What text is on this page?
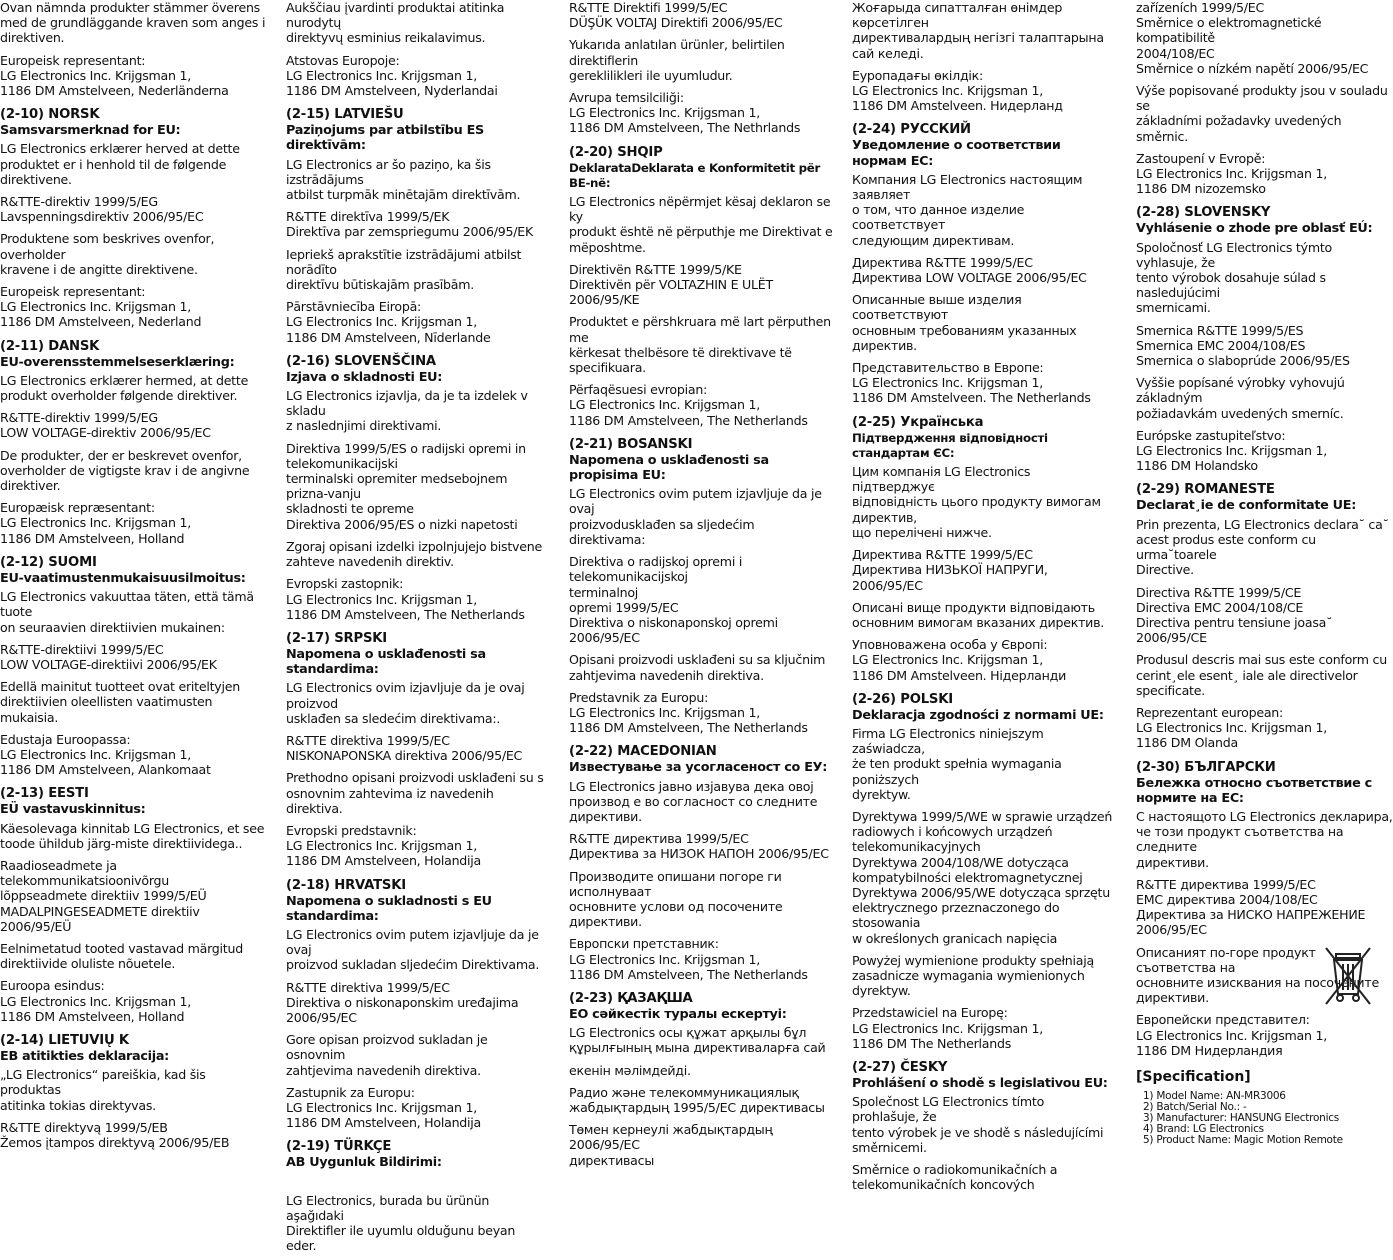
Ovan nämnda produkter stämmer överens
med de grundläggande kraven som anges i
direktiven.

Europeisk representant:
LG Electronics Inc. Krijgsman 1,
1186 DM Amstelveen, Nederländerna

(2-10) NORSK
Samsvarsmerknad for EU:

LG Electronics erklærer herved at dette
produktet er i henhold til de følgende direktivene.

R&TTE-direktiv 1999/5/EG
Lavspenningsdirektiv 2006/95/EC

Produktene som beskrives ovenfor, overholder
kravene i de angitte direktivene.

Europeisk representant:
LG Electronics Inc. Krijgsman 1,
1186 DM Amstelveen, Nederland

(2-11) DANSK
EU-overensstemmelseserklæring:

LG Electronics erklærer hermed, at dette
produkt overholder følgende direktiver.

R&TTE-direktiv 1999/5/EG
LOW VOLTAGE-direktiv 2006/95/EC

De produkter, der er beskrevet ovenfor,
overholder de vigtigste krav i de angivne direktiver.

Europæisk repræsentant:
LG Electronics Inc. Krijgsman 1,
1186 DM Amstelveen, Holland

(2-12) SUOMI
EU-vaatimustenmukaisuusilmoitus:

LG Electronics vakuuttaa täten, että tämä tuote
on seuraavien direktiivien mukainen:

R&TTE-direktiivi 1999/5/EC
LOW VOLTAGE-direktiivi 2006/95/EK

Edellä mainitut tuotteet ovat eriteltyjen
direktiivien oleellisten vaatimusten mukaisia.

Edustaja Euroopassa:
LG Electronics Inc. Krijgsman 1,
1186 DM Amstelveen, Alankomaat

(2-13) EESTI
EÜ vastavuskinnitus:

Käesolevaga kinnitab LG Electronics, et see
toode ühildub järg-miste direktiividega..

Raadioseadmete ja telekommunikatsioonivõrgu
lõppseadmete direktiiv 1999/5/EÜ
MADALPINGESEADMETE direktiiv 2006/95/EÜ

Eelnimetatud tooted vastavad märgitud
direktiivide oluliste nõuetele.

Euroopa esindus:
LG Electronics Inc. Krijgsman 1,
1186 DM Amstelveen, Holland

(2-14) LIETUVIŲ K
EB atitikties deklaracija:

„LG Electronics“ pareiškia, kad šis produktas
atitinka tokias direktyvas.

R&TTE direktyvą 1999/5/EB
Žemos įtampos direktyvą 2006/95/EB

Aukščiau įvardinti produktai atitinka nurodytų
direktyvų esminius reikalavimus.

Atstovas Europoje:
LG Electronics Inc. Krijgsman 1,
1186 DM Amstelveen, Nyderlandai

(2-15) LATVIEŠU
Paziņojums par atbilstību ES direktīvām:

LG Electronics ar šo paziņo, ka šis izstrādājums
atbilst turpmāk minētajām direktīvām.

R&TTE direktīva 1999/5/EK
Direktīva par zemspriegumu 2006/95/EK

Iepriekš aprakstītie izstrādājumi atbilst norādīto
direktīvu būtiskajām prasībām.

Pārstāvniecība Eiropā:
LG Electronics Inc. Krijgsman 1,
1186 DM Amstelveen, Nīderlande

(2-16) SLOVENŠČINA
Izjava o skladnosti EU:

LG Electronics izjavlja, da je ta izdelek v skladu
z naslednjimi direktivami.

Direktiva 1999/5/ES o radijski opremi in
telekomunikacijski
terminalski opremiter medsebojnem prizna-vanju
skladnosti te opreme
Direktiva 2006/95/ES o nizki napetosti

Zgoraj opisani izdelki izpolnjujejo bistvene
zahteve navedenih direktiv.

Evropski zastopnik:
LG Electronics Inc. Krijgsman 1,
1186 DM Amstelveen, The Netherlands

(2-17) SRPSKI
Napomena o usklađenosti sa standardima:

LG Electronics ovim izjavljuje da je ovaj proizvod
usklađen sa sledećim direktivama:.

R&TTE direktiva 1999/5/EC
NISKONAPONSKA direktiva 2006/95/EC

Prethodno opisani proizvodi usklađeni su s
osnovnim zahtevima iz navedenih direktiva.

Evropski predstavnik:
LG Electronics Inc. Krijgsman 1,
1186 DM Amstelveen, Holandija

(2-18) HRVATSKI
Napomena o sukladnosti s EU standardima:

LG Electronics ovim putem izjavljuje da je ovaj
proizvod sukladan sljedećim Direktivama.

R&TTE direktiva 1999/5/EC
Direktiva o niskonaponskim uređajima 2006/95/EC

Gore opisan proizvod sukladan je osnovnim
zahtjevima navedenih direktiva.

Zastupnik za Europu:
LG Electronics Inc. Krijgsman 1,
1186 DM Amstelveen, Holandija

(2-19) TÜRKÇE
AB Uygunluk Bildirimi:

LG Electronics, burada bu ürünün aşağıdaki
Direktifler ile uyumlu olduğunu beyan eder.

R&TTE Direktifi 1999/5/EC
DÜŞÜK VOLTAJ Direktifi 2006/95/EC

Yukarıda anlatılan ürünler, belirtilen direktiflerin
gereklilikleri ile uyumludur.

Avrupa temsilciliği:
LG Electronics Inc. Krijgsman 1,
1186 DM Amstelveen, The Nethrlands

(2-20) SHQIP
DeklarataDeklarata e Konformitetit për BE-në:

LG Electronics nëpërmjet kësaj deklaron se ky
produkt është në përputhje me Direktivat e
mëposhtme.

Direktivën R&TTE 1999/5/KE
Direktivën për VOLTAZHIN E ULËT 2006/95/KE

Produktet e përshkruara më lart përputhen me
kërkesat thelbësore të direktivave të specifikuara.

Përfaqësuesi evropian:
LG Electronics Inc. Krijgsman 1,
1186 DM Amstelveen, The Netherlands

(2-21) BOSANSKI
Napomena o usklađenosti sa propisima EU:

LG Electronics ovim putem izjavljuje da je ovaj
proizvodusklađen sa sljedećim direktivama:

Direktiva o radijskoj opremi i telekomunikacijskoj
terminalnoj
opremi 1999/5/EC
Direktiva o niskonaponskoj opremi 2006/95/EC

Opisani proizvodi usklađeni su sa ključnim
zahtjevima navedenih direktiva.

Predstavnik za Europu:
LG Electronics Inc. Krijgsman 1,
1186 DM Amstelveen, The Netherlands

(2-22) MACEDONIAN
Известување за усогласеност со ЕУ:

LG Electronics јавно изјавува дека овој
производ е во согласност со следните директиви.

R&TTE директива 1999/5/EC
Директива за НИЗОК НАПОН 2006/95/EC

Производите опишани погоре ги исполнуваат
основните услови од посочените директиви.

Европски претставник:
LG Electronics Inc. Krijgsman 1,
1186 DM Amstelveen, The Netherlands

(2-23) ҚАЗАҚША
ЕО сәйкестік туралы ескертуі:

LG Electronics осы құжат арқылы бұл
құрылғының мына директиваларға сай

екенін мәлімдейді.

Радио және телекоммуникациялық
жабдықтардың 1995/5/EC директивасы

Төмен кернеулі жабдықтардың 2006/95/EC
директивасы

Жоғарыда сипатталған өнімдер көрсетілген
директивалардың негізгі талаптарына сай келеді.

Еуропадағы өкілдік:
LG Electronics Inc. Krijgsman 1,
1186 DM Amstelveen. Нидерланд

(2-24) РУССКИЙ
Уведомление о соответствии нормам ЕС:

Компания LG Electronics настоящим заявляет
о том, что данное изделие соответствует
следующим директивам.

Директива R&TTE 1999/5/EC
Директива LOW VOLTAGE 2006/95/EC

Описанные выше изделия соответствуют
основным требованиям указанных директив.

Представительство в Европе:
LG Electronics Inc. Krijgsman 1,
1186 DM Amstelveen. The Netherlands

(2-25) Українська
Підтвердження відповідності стандартам ЄС:

Цим компанія LG Electronics підтверджує
відповідність цього продукту вимогам директив,
що перелічені нижче.

Директива R&TTE 1999/5/EC
Директива НИЗЬКОЇ НАПРУГИ, 2006/95/EC

Описані вище продукти відповідають
основним вимогам вказаних директив.

Уповноважена особа у Європі:
LG Electronics Inc. Krijgsman 1,
1186 DM Amstelveen. Нідерланди

(2-26) POLSKI
Deklaracja zgodności z normami UE:

Firma LG Electronics niniejszym zaświadcza,
że ten produkt spełnia wymagania poniższych
dyrektyw.

Dyrektywa 1999/5/WE w sprawie urządzeń
radiowych i końcowych urządzeń
telekomunikacyjnych
Dyrektywa 2004/108/WE dotycząca
kompatybilności elektromagnetycznej
Dyrektywa 2006/95/WE dotycząca sprzętu
elektrycznego przeznaczonego do stosowania
w określonych granicach napięcia

Powyżej wymienione produkty spełniają
zasadnicze wymagania wymienionych dyrektyw.

Przedstawiciel na Europę:
LG Electronics Inc. Krijgsman 1,
1186 DM The Netherlands

(2-27) ČESKY
Prohlášení o shodě s legislativou EU:

Společnost LG Electronics tímto prohlašuje, že
tento výrobek je ve shodě s následujícími
směrnicemi.

Směrnice o radiokomunikačních a
telekomunikačních koncových

zařízeních 1999/5/EC
Směrnice o elektromagnetické kompatibilitě
2004/108/EC
Směrnice o nízkém napětí 2006/95/EC

Výše popisované produkty jsou v souladu se
základními požadavky uvedených směrnic.

Zastoupení v Evropě:
LG Electronics Inc. Krijgsman 1,
1186 DM nizozemsko

(2-28) SLOVENSKY
Vyhlásenie o zhode pre oblasť EÚ:

Spoločnosť LG Electronics týmto vyhlasuje, že
tento výrobok dosahuje súlad s nasledujúcimi
smernicami.

Smernica R&TTE 1999/5/ES
Smernica EMC 2004/108/ES
Smernica o slaboprúde 2006/95/ES

Vyššie popísané výrobky vyhovujú základným
požiadavkám uvedených smerníc.

Európske zastupiteľstvo:
LG Electronics Inc. Krijgsman 1,
1186 DM Holandsko

(2-29) ROMANESTE
Declarat¸ie de conformitate UE:

Prin prezenta, LG Electronics declara˘ ca˘
acest produs este conform cu urma˘toarele
Directive.

Directiva R&TTE 1999/5/CE
Directiva EMC 2004/108/CE
Directiva pentru tensiune joasa˘ 2006/95/CE

Produsul descris mai sus este conform cu
cerint¸ele esent¸ iale ale directivelor specificate.

Reprezentant european:
LG Electronics Inc. Krijgsman 1,
1186 DM Olanda

(2-30) БЪЛГАРСКИ
Бележка относно съответствие с
нормите на ЕС:

С настоящото LG Electronics декларира,
че този продукт съответства на следните
директиви.

R&TTE директива 1999/5/EC
EMC директива 2004/108/EC
Директива за НИСКО НАПРЕЖЕНИЕ 2006/95/EC

Описаният по-горе продукт съответства на
основните изисквания на посочените
директиви.

Европейски представител:
LG Electronics Inc. Krijgsman 1,
1186 DM Нидерландия

[Specification]
1) Model Name: AN-MR3006
2) Batch/Serial No.: -
3) Manufacturer: HANSUNG Electronics
4) Brand: LG Electronics
5) Product Name: Magic Motion Remote
